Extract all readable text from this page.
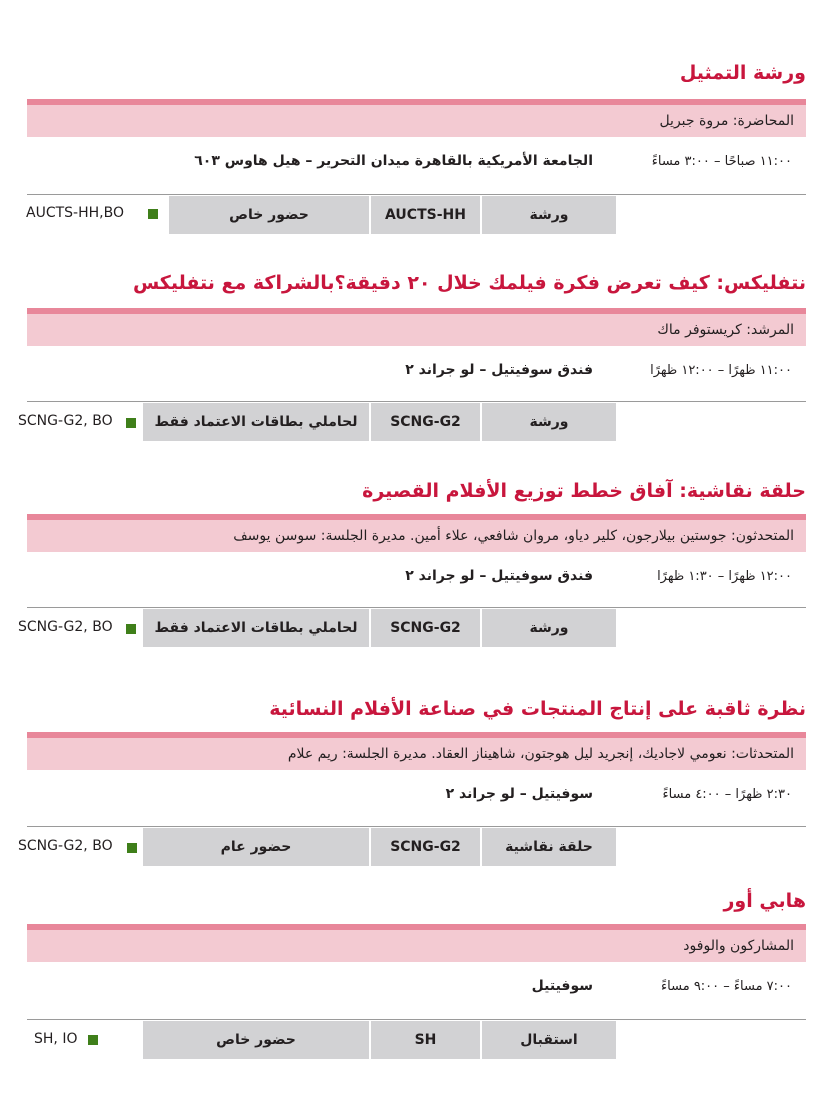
ورشة التمثيل
المحاضرة: مروة جبريل
١١:٠٠ صباحًا – ٣:٠٠ مساءً
الجامعة الأمريكية بالقاهرة ميدان التحرير – هيل هاوس ٦٠٣
ورشة
AUCTS-HH
حضور خاص
AUCTS-HH,BO
نتفليكس: كيف تعرض فكرة فيلمك خلال ٢٠ دقيقة؟بالشراكة مع نتفليكس
المرشد: كريستوفر ماك
١١:٠٠ ظهرًا – ١٢:٠٠ ظهرًا
فندق سوفيتيل – لو جراند ٢
ورشة
SCNG-G2
لحاملي بطاقات الاعتماد فقط
SCNG-G2, BO
حلقة نقاشية: آفاق خطط توزيع الأفلام القصيرة
المتحدثون: جوستين بيلارجون، كلير دياو، مروان شافعي، علاء أمين. مديرة الجلسة: سوسن يوسف
١٢:٠٠ ظهرًا – ١:٣٠ ظهرًا
فندق سوفيتيل – لو جراند ٢
ورشة
SCNG-G2
لحاملي بطاقات الاعتماد فقط
SCNG-G2, BO
نظرة ثاقبة على إنتاج المنتجات في صناعة الأفلام النسائية
المتحدثات: نعومي لاجاديك، إنجريد ليل هوجتون، شاهيناز العقاد. مديرة الجلسة: ريم علام
٢:٣٠ ظهرًا – ٤:٠٠ مساءً
سوفيتيل – لو جراند ٢
حلقة نقاشية
SCNG-G2
حضور عام
SCNG-G2, BO
هابي أور
المشاركون والوفود
٧:٠٠ مساءً – ٩:٠٠ مساءً
سوفيتيل
استقبال
SH
حضور خاص
SH, IO
